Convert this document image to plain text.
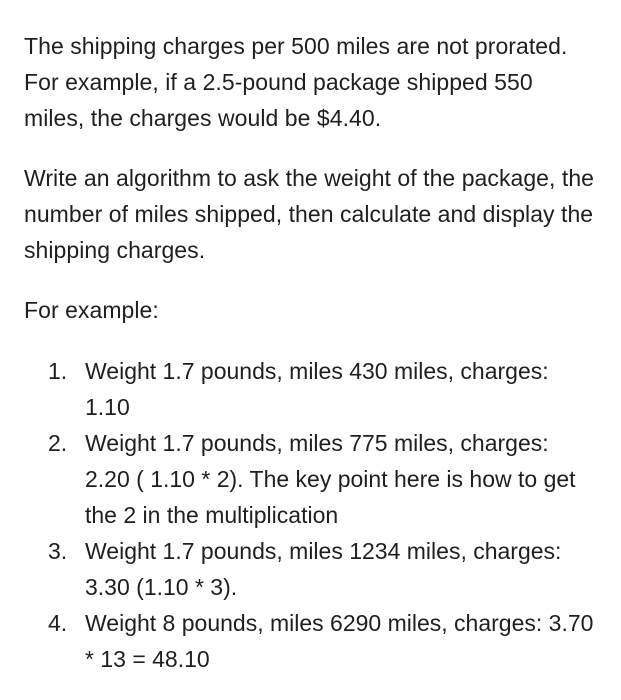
The shipping charges per 500 miles are not prorated. For example, if a 2.5-pound package shipped 550 miles, the charges would be $4.40.

Write an algorithm to ask the weight of the package, the number of miles shipped, then calculate and display the shipping charges.

For example:

1. Weight 1.7 pounds, miles 430 miles, charges: 1.10
2. Weight 1.7 pounds, miles 775 miles, charges: 2.20 ( 1.10 * 2). The key point here is how to get the 2 in the multiplication
3. Weight 1.7 pounds, miles 1234 miles, charges: 3.30 (1.10 * 3).
4. Weight 8 pounds, miles 6290 miles, charges: 3.70 * 13 = 48.10
